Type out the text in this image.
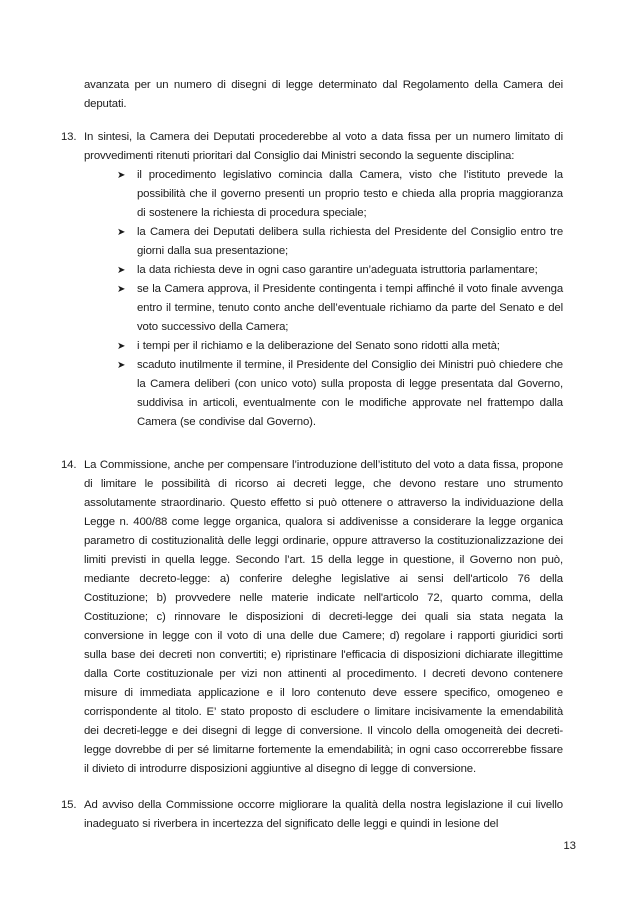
avanzata per un numero di disegni di legge determinato dal Regolamento della Camera dei deputati.
13. In sintesi, la Camera dei Deputati procederebbe al voto a data fissa per un numero limitato di provvedimenti ritenuti prioritari dal Consiglio dai Ministri secondo la seguente disciplina:
➤ il procedimento legislativo comincia dalla Camera, visto che l’istituto prevede la possibilità che il governo presenti un proprio testo e chieda alla propria maggioranza di sostenere la richiesta di procedura speciale;
➤ la Camera dei Deputati delibera sulla richiesta del Presidente del Consiglio entro tre giorni dalla sua presentazione;
➤ la data richiesta deve in ogni caso garantire un’adeguata istruttoria parlamentare;
➤ se la Camera approva, il Presidente contingenta i tempi affinché il voto finale avvenga entro il termine, tenuto conto anche dell’eventuale richiamo da parte del Senato e del voto successivo della Camera;
➤ i tempi per il richiamo e la deliberazione del Senato sono ridotti alla metà;
➤ scaduto inutilmente il termine, il Presidente del Consiglio dei Ministri può chiedere che la Camera deliberi (con unico voto) sulla proposta di legge presentata dal Governo, suddivisa in articoli, eventualmente con le modifiche approvate nel frattempo dalla Camera (se condivise dal Governo).
14. La Commissione, anche per compensare l’introduzione dell’istituto del voto a data fissa, propone di limitare le possibilità di ricorso ai decreti legge, che devono restare uno strumento assolutamente straordinario. Questo effetto si può ottenere o attraverso la individuazione della Legge n. 400/88 come legge organica, qualora si addivenisse a considerare la legge organica parametro di costituzionalità delle leggi ordinarie, oppure attraverso la costituzionalizzazione dei limiti previsti in quella legge. Secondo l’art. 15 della legge in questione, il Governo non può, mediante decreto-legge: a) conferire deleghe legislative ai sensi dell'articolo 76 della Costituzione; b) provvedere nelle materie indicate nell'articolo 72, quarto comma, della Costituzione; c) rinnovare le disposizioni di decreti-legge dei quali sia stata negata la conversione in legge con il voto di una delle due Camere; d) regolare i rapporti giuridici sorti sulla base dei decreti non convertiti; e) ripristinare l'efficacia di disposizioni dichiarate illegittime dalla Corte costituzionale per vizi non attinenti al procedimento. I decreti devono contenere misure di immediata applicazione e il loro contenuto deve essere specifico, omogeneo e corrispondente al titolo. E’ stato proposto di escludere o limitare incisivamente la emendabilità dei decreti-legge e dei disegni di legge di conversione. Il vincolo della omogeneità dei decreti-legge dovrebbe di per sé limitarne fortemente la emendabilità; in ogni caso occorrerebbe fissare il divieto di introdurre disposizioni aggiuntive al disegno di legge di conversione.
15. Ad avviso della Commissione occorre migliorare la qualità della nostra legislazione il cui livello inadeguato si riverbera in incertezza del significato delle leggi e quindi in lesione del
13
